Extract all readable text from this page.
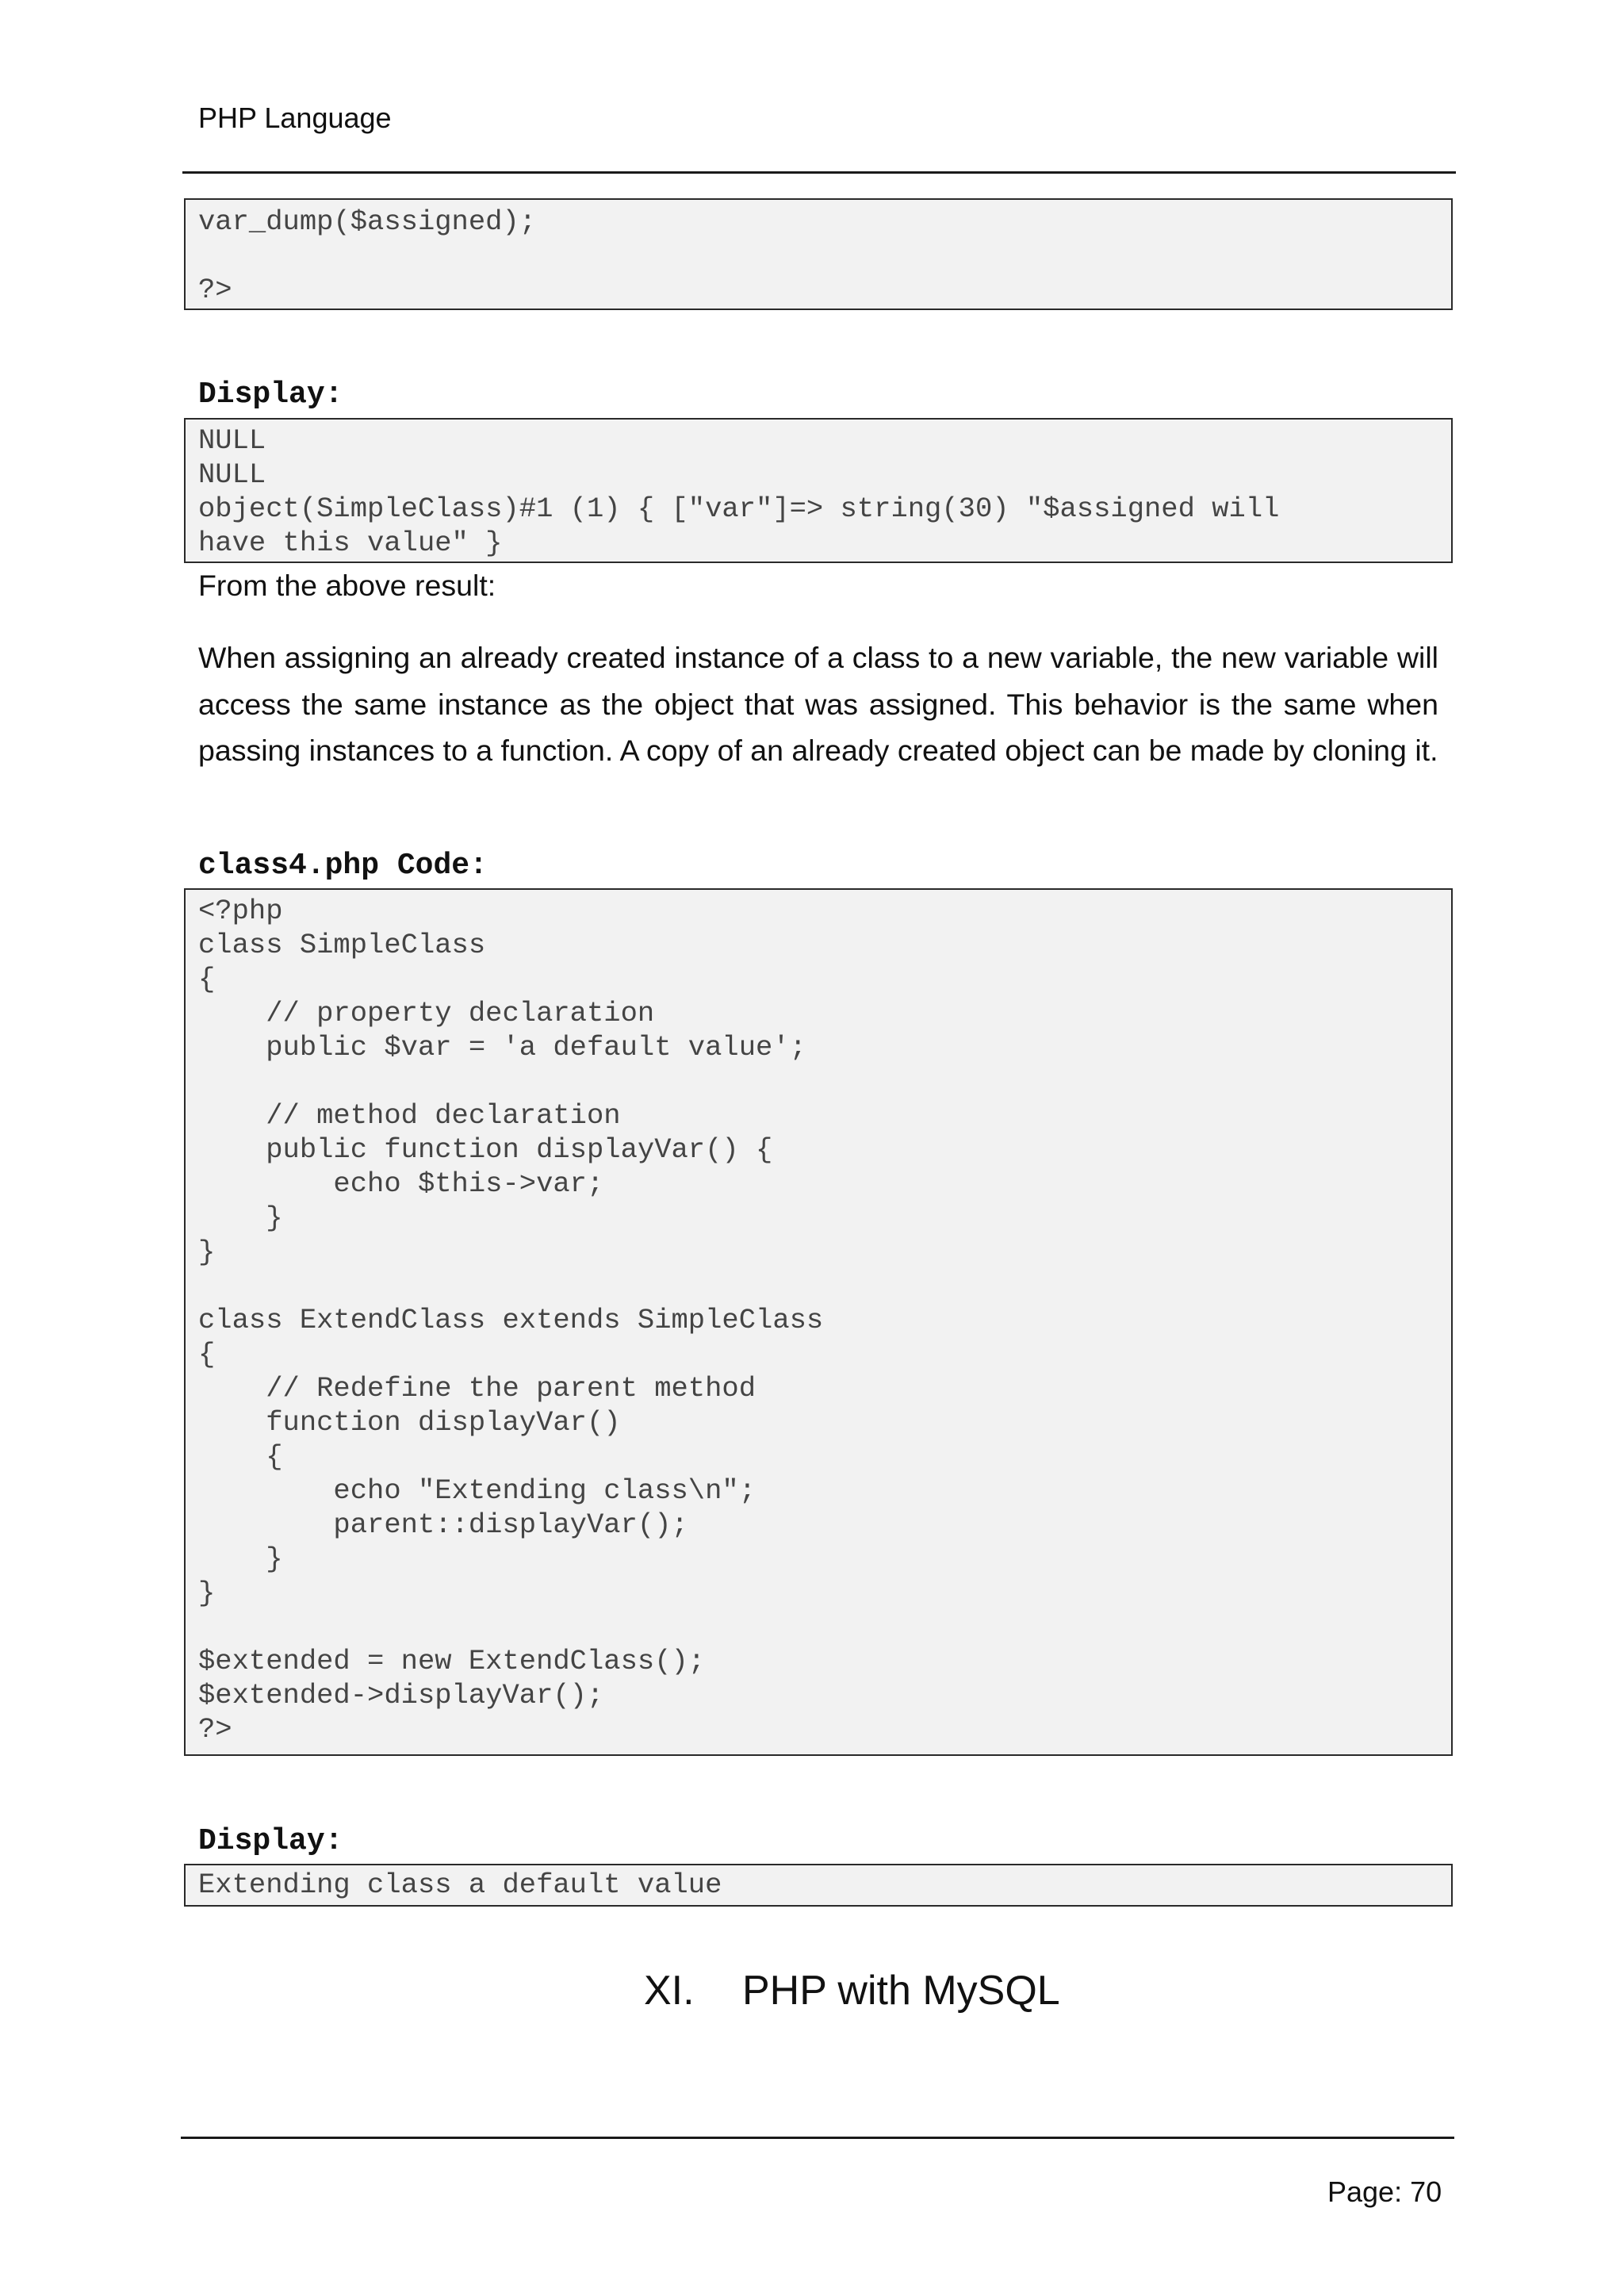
PHP Language
var_dump($assigned);

?>
Display:
NULL
NULL
object(SimpleClass)#1 (1) { ["var"]=> string(30) "$assigned will
have this value" }
From the above result:
When assigning an already created instance of a class to a new variable, the new variable will access the same instance as the object that was assigned. This behavior is the same when passing instances to a function. A copy of an already created object can be made by cloning it.
class4.php Code:
<?php
class SimpleClass
{
// property declaration
public $var = 'a default value';

// method declaration
public function displayVar() {
echo $this->var;
}
}

class ExtendClass extends SimpleClass
{
// Redefine the parent method
function displayVar()
{
echo "Extending class\n";
parent::displayVar();
}
}

$extended = new ExtendClass();
$extended->displayVar();
?>
Display:
Extending class a default value
XI. PHP with MySQL
Page: 70
